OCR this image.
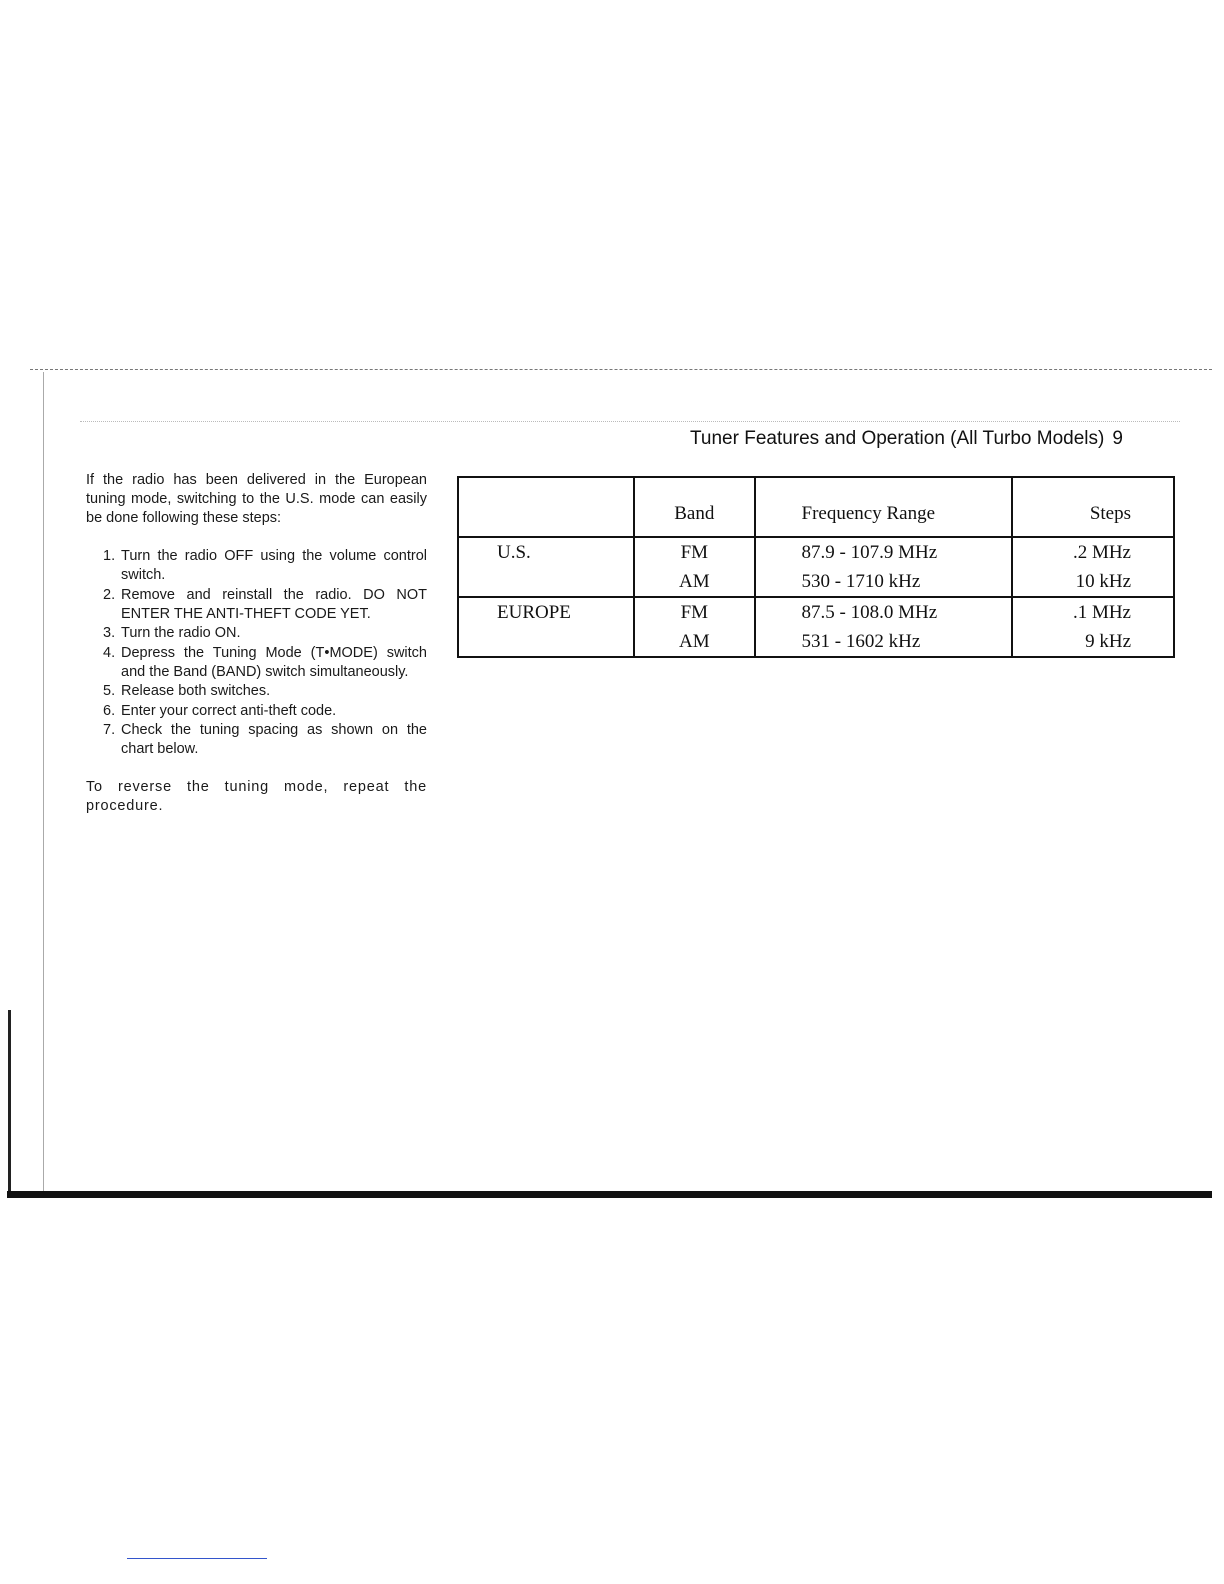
Tuner Features and Operation (All Turbo Models) 9

If the radio has been delivered in the European tuning mode, switching to the U.S. mode can easily be done following these steps:

1. Turn the radio OFF using the volume control switch.
2. Remove and reinstall the radio. DO NOT ENTER THE ANTI-THEFT CODE YET.
3. Turn the radio ON.
4. Depress the Tuning Mode (T•MODE) switch and the Band (BAND) switch simultaneously.
5. Release both switches.
6. Enter your correct anti-theft code.
7. Check the tuning spacing as shown on the chart below.

To reverse the tuning mode, repeat the procedure.

	Band	Frequency Range	Steps
U.S.	FM	87.9 - 107.9 MHz	.2 MHz
	AM	530 - 1710 kHz	10 kHz
EUROPE	FM	87.5 - 108.0 MHz	.1 MHz
	AM	531 - 1602 kHz	9 kHz
